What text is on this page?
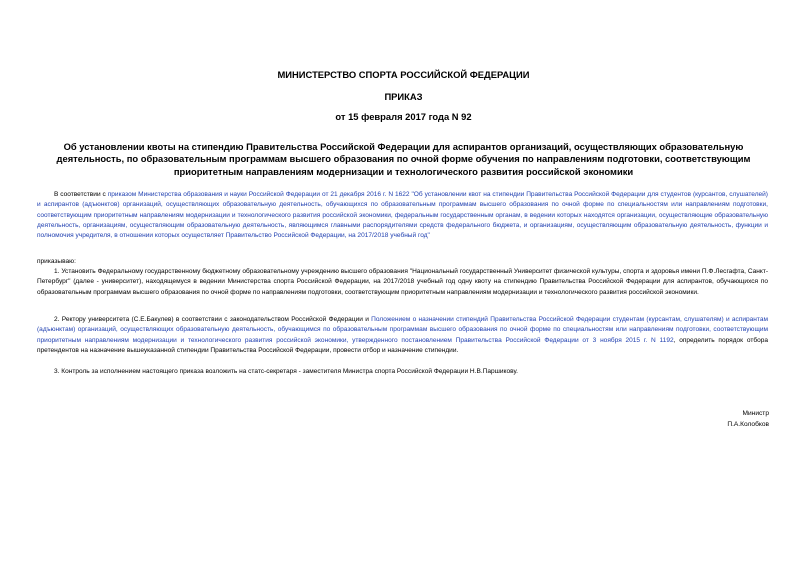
МИНИСТЕРСТВО СПОРТА РОССИЙСКОЙ ФЕДЕРАЦИИ
ПРИКАЗ
от 15 февраля 2017 года N 92
Об установлении квоты на стипендию Правительства Российской Федерации для аспирантов организаций, осуществляющих образовательную деятельность, по образовательным программам высшего образования по очной форме обучения по направлениям подготовки, соответствующим приоритетным направлениям модернизации и технологического развития российской экономики
В соответствии с приказом Министерства образования и науки Российской Федерации от 21 декабря 2016 г. N 1622 "Об установлении квот на стипендии Правительства Российской Федерации для студентов (курсантов, слушателей) и аспирантов (адъюнктов) организаций, осуществляющих образовательную деятельность, обучающихся по образовательным программам высшего образования по очной форме по специальностям или направлениям подготовки, соответствующим приоритетным направлениям модернизации и технологического развития российской экономики, федеральным государственным органам, в ведении которых находятся организации, осуществляющие образовательную деятельность, организациям, осуществляющим образовательную деятельность, являющимся главными распорядителями средств федерального бюджета, и организациям, осуществляющим образовательную деятельность, функции и полномочия учредителя, в отношении которых осуществляет Правительство Российской Федерации, на 2017/2018 учебный год"
приказываю:
1. Установить Федеральному государственному бюджетному образовательному учреждению высшего образования "Национальный государственный Университет физической культуры, спорта и здоровья имени П.Ф.Лесгафта, Санкт-Петербург" (далее - университет), находящемуся в ведении Министерства спорта Российской Федерации, на 2017/2018 учебный год одну квоту на стипендию Правительства Российской Федерации для аспирантов, обучающихся по образовательным программам высшего образования по очной форме по направлениям подготовки, соответствующим приоритетным направлениям модернизации и технологического развития российской экономики.
2. Ректору университета (С.Е.Бакулев) в соответствии с законодательством Российской Федерации и Положением о назначении стипендий Правительства Российской Федерации студентам (курсантам, слушателям) и аспирантам (адъюнктам) организаций, осуществляющих образовательную деятельность, обучающимся по образовательным программам высшего образования по очной форме по специальностям или направлениям подготовки, соответствующим приоритетным направлениям модернизации и технологического развития российской экономики, утвержденного постановлением Правительства Российской Федерации от 3 ноября 2015 г. N 1192, определить порядок отбора претендентов на назначение вышеуказанной стипендии Правительства Российской Федерации, провести отбор и назначение стипендии.
3. Контроль за исполнением настоящего приказа возложить на статс-секретаря - заместителя Министра спорта Российской Федерации Н.В.Паршикову.
Министр
П.А.Колобков
